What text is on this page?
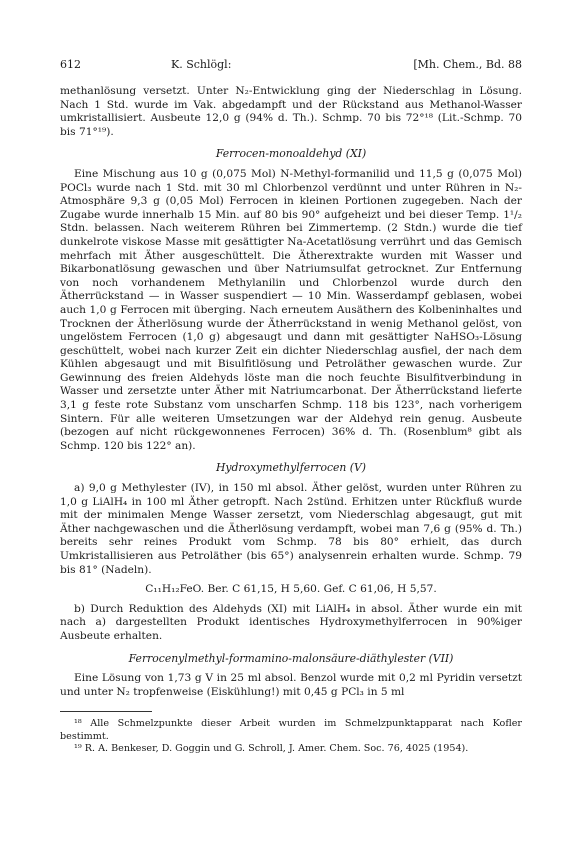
612	K. Schlögl:	[Mh. Chem., Bd. 88

methanlösung versetzt. Unter N₂-Entwicklung ging der Niederschlag in Lösung. Nach 1 Std. wurde im Vak. abgedampft und der Rückstand aus Methanol-Wasser umkristallisiert. Ausbeute 12,0 g (94% d. Th.). Schmp. 70 bis 72°¹⁸ (Lit.-Schmp. 70 bis 71°¹⁹).

Ferrocen-monoaldehyd (XI)

Eine Mischung aus 10 g (0,075 Mol) N-Methyl-formanilid und 11,5 g (0,075 Mol) POCl₃ wurde nach 1 Std. mit 30 ml Chlorbenzol verdünnt und unter Rühren in N₂-Atmosphäre 9,3 g (0,05 Mol) Ferrocen in kleinen Portionen zugegeben. Nach der Zugabe wurde innerhalb 15 Min. auf 80 bis 90° aufgeheizt und bei dieser Temp. 1¹/₂ Stdn. belassen. Nach weiterem Rühren bei Zimmertemp. (2 Stdn.) wurde die tief dunkelrote viskose Masse mit gesättigter Na-Acetatlösung verrührt und das Gemisch mehrfach mit Äther ausgeschüttelt. Die Ätherextrakte wurden mit Wasser und Bikarbonatlösung gewaschen und über Natriumsulfat getrocknet. Zur Entfernung von noch vorhandenem Methylanilin und Chlorbenzol wurde durch den Ätherrückstand — in Wasser suspendiert — 10 Min. Wasserdampf geblasen, wobei auch 1,0 g Ferrocen mit überging. Nach erneutem Ausäthern des Kolbeninhaltes und Trocknen der Ätherlösung wurde der Ätherrückstand in wenig Methanol gelöst, von ungelöstem Ferrocen (1,0 g) abgesaugt und dann mit gesättigter NaHSO₃-Lösung geschüttelt, wobei nach kurzer Zeit ein dichter Niederschlag ausfiel, der nach dem Kühlen abgesaugt und mit Bisulfitlösung und Petroläther gewaschen wurde. Zur Gewinnung des freien Aldehyds löste man die noch feuchte Bisulfitverbindung in Wasser und zersetzte unter Äther mit Natriumcarbonat. Der Ätherrückstand lieferte 3,1 g feste rote Substanz vom unscharfen Schmp. 118 bis 123°, nach vorherigem Sintern. Für alle weiteren Umsetzungen war der Aldehyd rein genug. Ausbeute (bezogen auf nicht rückgewonnenes Ferrocen) 36% d. Th. (Rosenblum⁸ gibt als Schmp. 120 bis 122° an).

Hydroxymethylferrocen (V)

a) 9,0 g Methylester (IV), in 150 ml absol. Äther gelöst, wurden unter Rühren zu 1,0 g LiAlH₄ in 100 ml Äther getropft. Nach 2stünd. Erhitzen unter Rückfluß wurde mit der minimalen Menge Wasser zersetzt, vom Niederschlag abgesaugt, gut mit Äther nachgewaschen und die Ätherlösung verdampft, wobei man 7,6 g (95% d. Th.) bereits sehr reines Produkt vom Schmp. 78 bis 80° erhielt, das durch Umkristallisieren aus Petroläther (bis 65°) analysenrein erhalten wurde. Schmp. 79 bis 81° (Nadeln).

C₁₁H₁₂FeO. Ber. C 61,15, H 5,60. Gef. C 61,06, H 5,57.

b) Durch Reduktion des Aldehyds (XI) mit LiAlH₄ in absol. Äther wurde ein mit nach a) dargestellten Produkt identisches Hydroxymethylferrocen in 90%iger Ausbeute erhalten.

Ferrocenylmethyl-formamino-malonsäure-diäthylester (VII)

Eine Lösung von 1,73 g V in 25 ml absol. Benzol wurde mit 0,2 ml Pyridin versetzt und unter N₂ tropfenweise (Eiskühlung!) mit 0,45 g PCl₃ in 5 ml

¹⁸ Alle Schmelzpunkte dieser Arbeit wurden im Schmelzpunktapparat nach Kofler bestimmt.

¹⁹ R. A. Benkeser, D. Goggin und G. Schroll, J. Amer. Chem. Soc. 76, 4025 (1954).
